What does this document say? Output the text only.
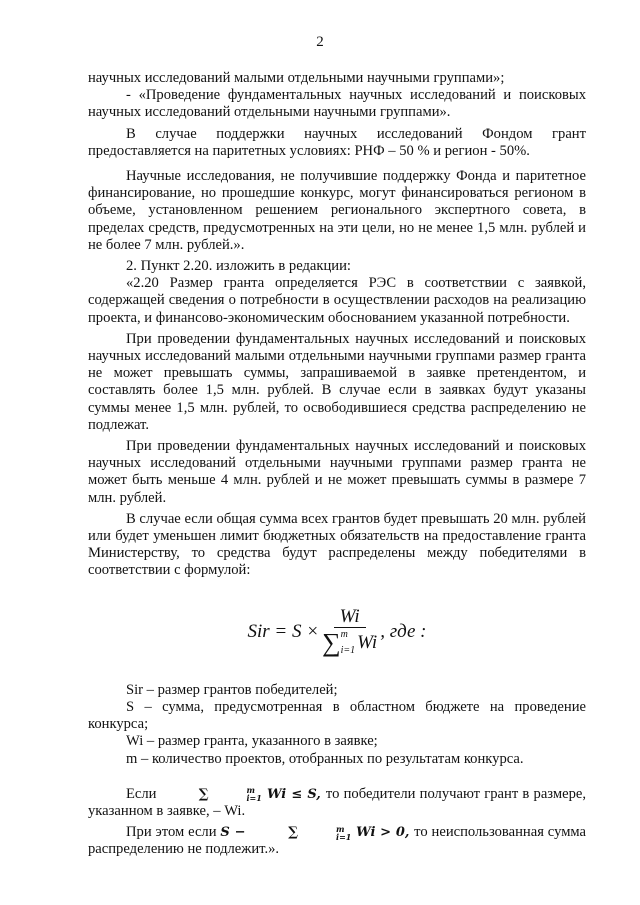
2

научных исследований малыми отдельными научными группами»;

- «Проведение фундаментальных научных исследований и поисковых научных исследований отдельными научными группами».

В случае поддержки научных исследований Фондом грант предоставляется на паритетных условиях: РНФ – 50 % и регион - 50%.

Научные исследования, не получившие поддержку Фонда и паритетное финансирование, но прошедшие конкурс, могут финансироваться регионом в объеме, установленном решением регионального экспертного совета, в пределах средств, предусмотренных на эти цели, но не менее 1,5 млн. рублей и не более 7 млн. рублей.».

2. Пункт 2.20. изложить в редакции:

«2.20 Размер гранта определяется РЭС в соответствии с заявкой, содержащей сведения о потребности в осуществлении расходов на реализацию проекта, и финансово-экономическим обоснованием указанной потребности.

При проведении фундаментальных научных исследований и поисковых научных исследований малыми отдельными научными группами размер гранта не может превышать суммы, запрашиваемой в заявке претендентом, и составлять более 1,5 млн. рублей. В случае если в заявках будут указаны суммы менее 1,5 млн. рублей, то освободившиеся средства распределению не подлежат.

При проведении фундаментальных научных исследований и поисковых научных исследований отдельными научными группами размер гранта не может быть меньше 4 млн. рублей и не может превышать суммы в размере 7 млн. рублей.

В случае если общая сумма всех грантов будет превышать 20 млн. рублей или будет уменьшен лимит бюджетных обязательств на предоставление гранта Министерству, то средства будут распределены между победителями в соответствии с формулой:

Sir = S ×
Wi
∑ m
i=1 Wi
, где :

Sir – размер грантов победителей;

S – сумма, предусмотренная в областном бюджете на проведение конкурса;

Wi – размер гранта, указанного в заявке;

m – количество проектов, отобранных по результатам конкурса.

Если	∑	m
i=1 Wi ≤ S, то победители получают грант в размере, указанном в заявке, – Wi.

При этом если S −	∑	m
i=1 Wi > 0, то неиспользованная сумма распределению не подлежит.».
